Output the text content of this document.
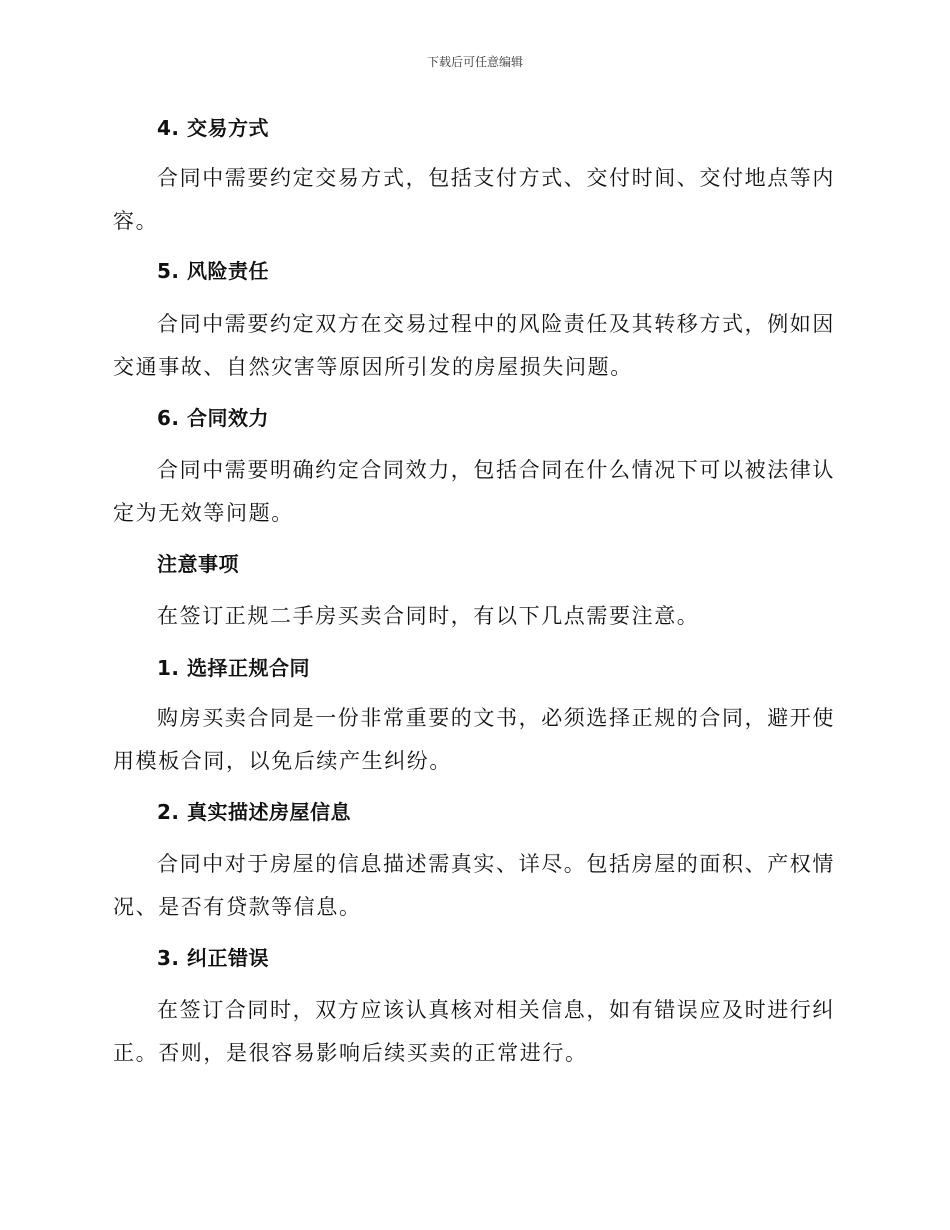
下载后可任意编辑
4. 交易方式

合同中需要约定交易方式，包括支付方式、交付时间、交付地点等内容。

5. 风险责任

合同中需要约定双方在交易过程中的风险责任及其转移方式，例如因交通事故、自然灾害等原因所引发的房屋损失问题。

6. 合同效力

合同中需要明确约定合同效力，包括合同在什么情况下可以被法律认定为无效等问题。

注意事项

在签订正规二手房买卖合同时，有以下几点需要注意。

1. 选择正规合同

购房买卖合同是一份非常重要的文书，必须选择正规的合同，避开使用模板合同，以免后续产生纠纷。

2. 真实描述房屋信息

合同中对于房屋的信息描述需真实、详尽。包括房屋的面积、产权情况、是否有贷款等信息。

3. 纠正错误

在签订合同时，双方应该认真核对相关信息，如有错误应及时进行纠正。否则，是很容易影响后续买卖的正常进行。
